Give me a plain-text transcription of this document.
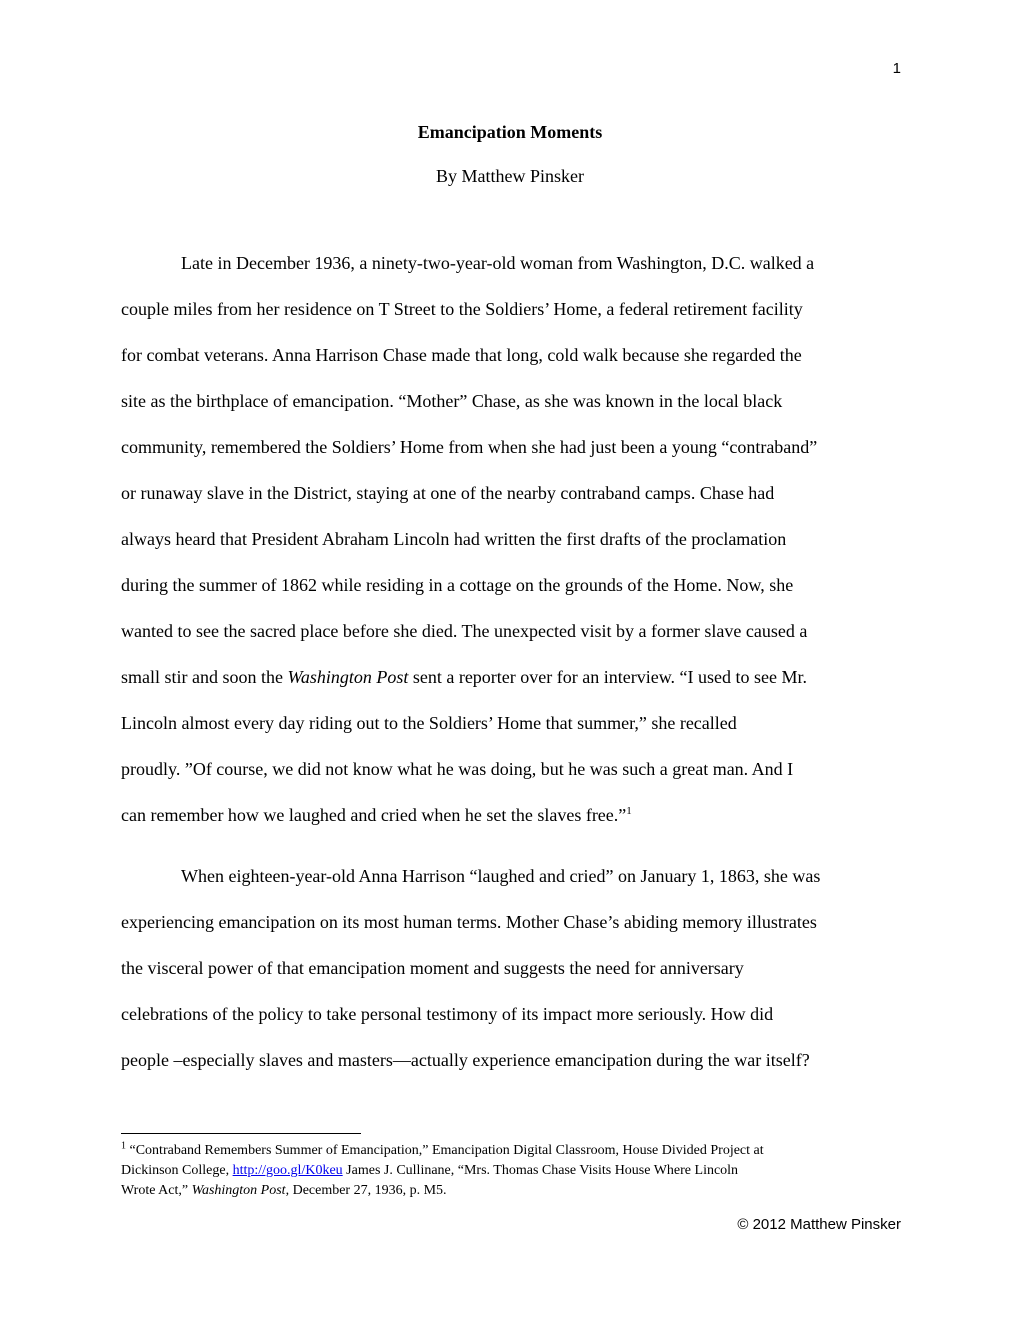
1
Emancipation Moments
By Matthew Pinsker
Late in December 1936, a ninety-two-year-old woman from Washington, D.C. walked a
couple miles from her residence on T Street to the Soldiers’ Home, a federal retirement facility
for combat veterans. Anna Harrison Chase made that long, cold walk because she regarded the
site as the birthplace of emancipation. “Mother” Chase, as she was known in the local black
community, remembered the Soldiers’ Home from when she had just been a young “contraband”
or runaway slave in the District, staying at one of the nearby contraband camps. Chase had
always heard that President Abraham Lincoln had written the first drafts of the proclamation
during the summer of 1862 while residing in a cottage on the grounds of the Home. Now, she
wanted to see the sacred place before she died. The unexpected visit by a former slave caused a
small stir and soon the Washington Post sent a reporter over for an interview. “I used to see Mr.
Lincoln almost every day riding out to the Soldiers’ Home that summer,” she recalled
proudly. ”Of course, we did not know what he was doing, but he was such a great man. And I
can remember how we laughed and cried when he set the slaves free.”$^1$
When eighteen-year-old Anna Harrison “laughed and cried” on January 1, 1863, she was
experiencing emancipation on its most human terms. Mother Chase’s abiding memory illustrates
the visceral power of that emancipation moment and suggests the need for anniversary
celebrations of the policy to take personal testimony of its impact more seriously. How did
people –especially slaves and masters—actually experience emancipation during the war itself?
$^1$ “Contraband Remembers Summer of Emancipation,” Emancipation Digital Classroom, House Divided Project at
Dickinson College, http://goo.gl/K0keu James J. Cullinane, “Mrs. Thomas Chase Visits House Where Lincoln
Wrote Act,” Washington Post, December 27, 1936, p. M5.
© 2012 Matthew Pinsker
